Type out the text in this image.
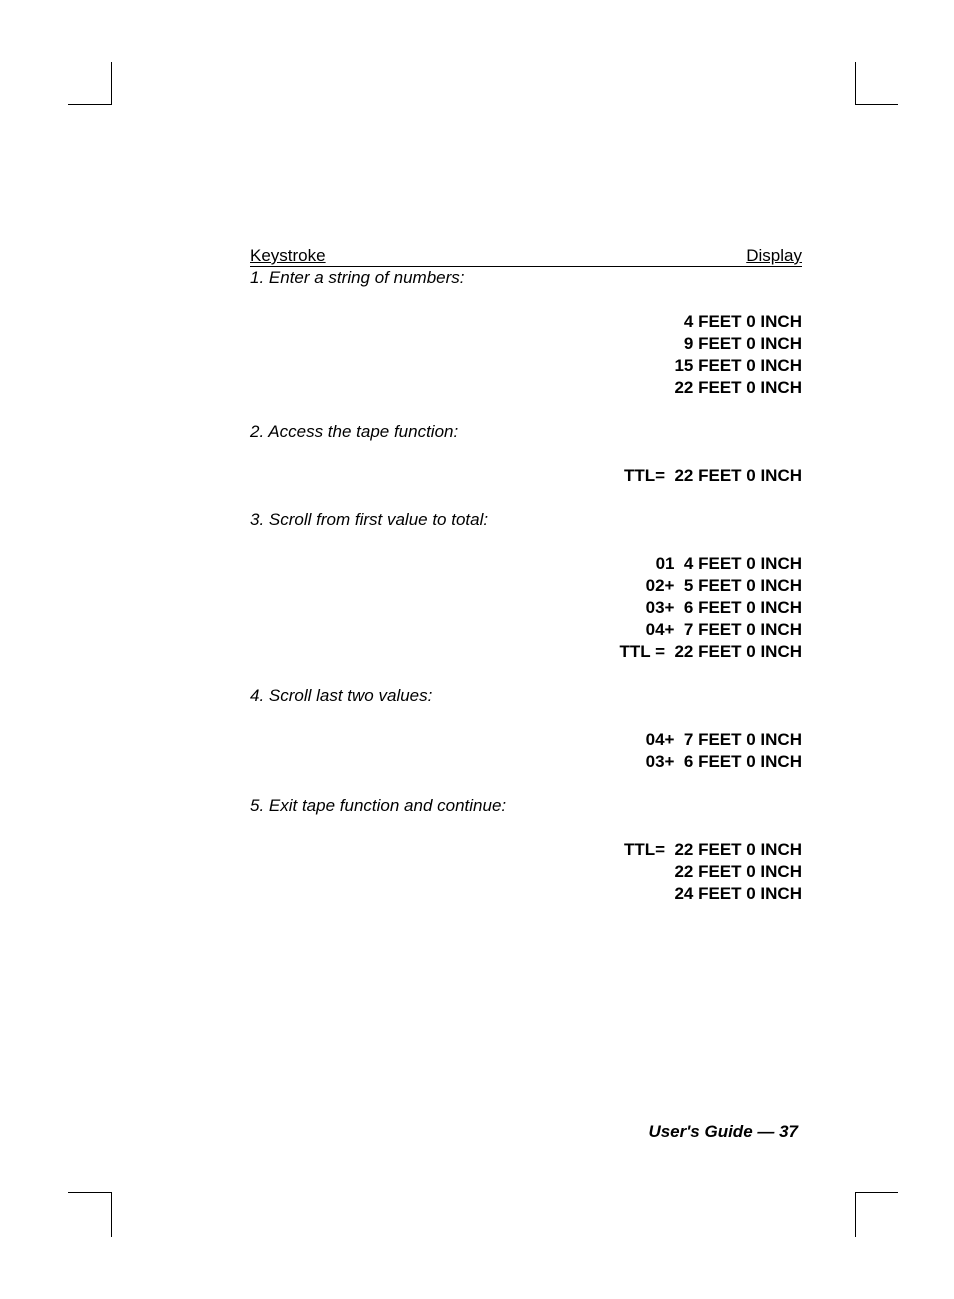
Keystroke	Display
1. Enter a string of numbers:
4 FEET 0 INCH
9 FEET 0 INCH
15 FEET 0 INCH
22 FEET 0 INCH
2. Access the tape function:
TTL=  22 FEET 0 INCH
3. Scroll from first value to total:
01  4 FEET 0 INCH
02+  5 FEET 0 INCH
03+  6 FEET 0 INCH
04+  7 FEET 0 INCH
TTL =  22 FEET 0 INCH
4. Scroll last two values:
04+  7 FEET 0 INCH
03+  6 FEET 0 INCH
5. Exit tape function and continue:
TTL=  22 FEET 0 INCH
22 FEET 0 INCH
24 FEET 0 INCH
User's Guide — 37
